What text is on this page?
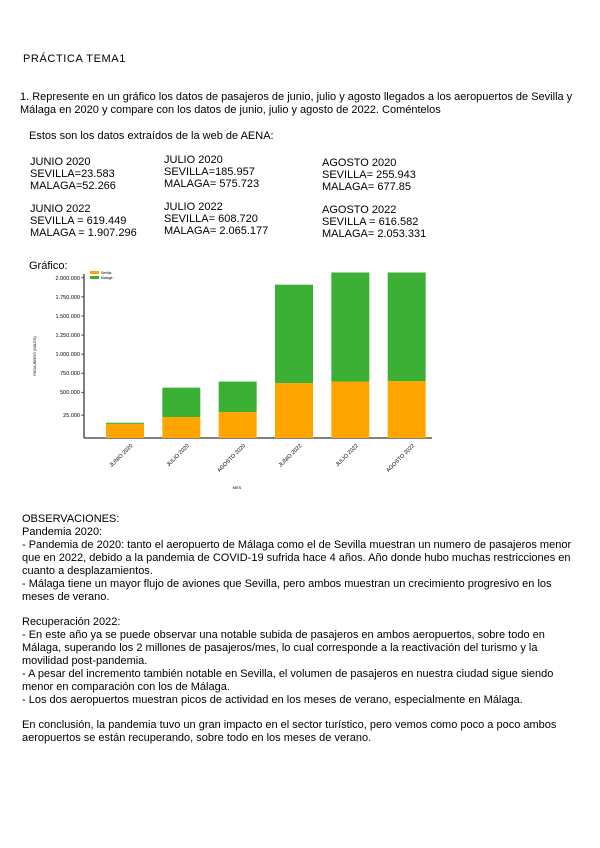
PRÁCTICA TEMA1
1. Represente en un gráfico los datos de pasajeros de junio, julio y agosto llegados a los aeropuertos de Sevilla y Málaga en 2020 y compare con los datos de junio, julio y agosto de 2022. Coméntelos
Estos son los datos extraídos de la web de AENA:
JUNIO 2020
SEVILLA=23.583
MALAGA=52.266
JULIO 2020
SEVILLA=185.957
MALAGA= 575.723
AGOSTO 2020
SEVILLA= 255.943
MALAGA= 677.85
JUNIO 2022
SEVILLA = 619.449
MALAGA = 1.907.296
JULIO 2022
SEVILLA= 608.720
MALAGA= 2.065.177
AGOSTO 2022
SEVILLA = 616.582
MALAGA= 2.053.331
Gráfico:
25.000
500.000
750.000
1.000.000
1.250.000
1.500.000
1.750.000
2.000.000
PASAJEROS (MILES)
JUNIO 2020	JULIO 2020	AGOSTO 2020	JUNIO 2022	JULIO 2022	AGOSTO 2022
MES
Sevilla
Málaga

OBSERVACIONES:

Pandemia 2020:

- Pandemia de 2020: tanto el aeropuerto de Málaga como el de Sevilla muestran un numero de pasajeros menor que en 2022, debido a la pandemia de COVID-19 sufrida hace 4 años. Año donde hubo muchas restricciones en cuanto a desplazamientos.

- Málaga tiene un mayor flujo de aviones que Sevilla, pero ambos muestran un crecimiento progresivo en los meses de verano.

Recuperación 2022:

- En este año ya se puede observar una notable subida de pasajeros en ambos aeropuertos, sobre todo en Málaga, superando los 2 millones de pasajeros/mes, lo cual corresponde a la reactivación del turismo y la movilidad post-pandemia.

- A pesar del incremento también notable en Sevilla, el volumen de pasajeros en nuestra ciudad sigue siendo menor en comparación con los de Málaga.

- Los dos aeropuertos muestran picos de actividad en los meses de verano, especialmente en Málaga.

En conclusión, la pandemia tuvo un gran impacto en el sector turístico, pero vemos como poco a poco ambos aeropuertos se están recuperando, sobre todo en los meses de verano.
